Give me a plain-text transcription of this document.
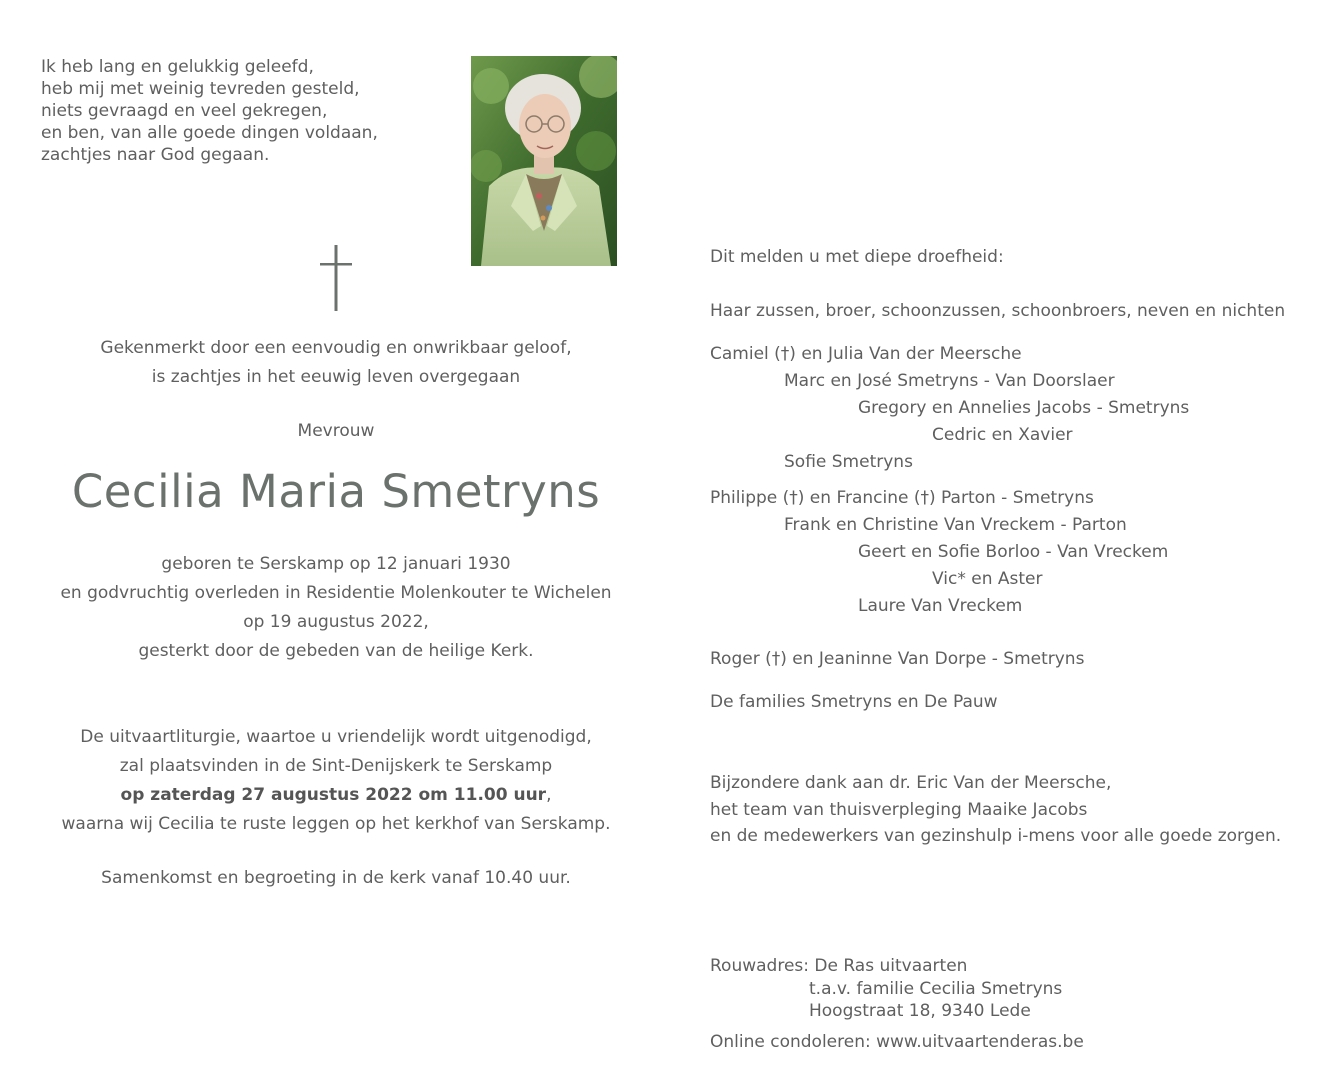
Ik heb lang en gelukkig geleefd,
heb mij met weinig tevreden gesteld,
niets gevraagd en veel gekregen,
en ben, van alle goede dingen voldaan,
zachtjes naar God gegaan.
Gekenmerkt door een eenvoudig en onwrikbaar geloof,
is zachtjes in het eeuwig leven overgegaan
Mevrouw
Cecilia Maria Smetryns
geboren te Serskamp op 12 januari 1930
en godvruchtig overleden in Residentie Molenkouter te Wichelen
op 19 augustus 2022,
gesterkt door de gebeden van de heilige Kerk.
De uitvaartliturgie, waartoe u vriendelijk wordt uitgenodigd,
zal plaatsvinden in de Sint-Denijskerk te Serskamp
op zaterdag 27 augustus 2022 om 11.00 uur,
waarna wij Cecilia te ruste leggen op het kerkhof van Serskamp.
Samenkomst en begroeting in de kerk vanaf 10.40 uur.
Dit melden u met diepe droefheid:
Haar zussen, broer, schoonzussen, schoonbroers, neven en nichten
Camiel (†) en Julia Van der Meersche
Marc en José Smetryns - Van Doorslaer
Gregory en Annelies Jacobs - Smetryns
Cedric en Xavier
Sofie Smetryns
Philippe (†) en Francine (†) Parton - Smetryns
Frank en Christine Van Vreckem - Parton
Geert en Sofie Borloo - Van Vreckem
Vic* en Aster
Laure Van Vreckem
Roger (†) en Jeaninne Van Dorpe - Smetryns
De families Smetryns en De Pauw
Bijzondere dank aan dr. Eric Van der Meersche,
het team van thuisverpleging Maaike Jacobs
en de medewerkers van gezinshulp i-mens voor alle goede zorgen.
Rouwadres: De Ras uitvaarten
t.a.v. familie Cecilia Smetryns
Hoogstraat 18, 9340 Lede
Online condoleren: www.uitvaartenderas.be
